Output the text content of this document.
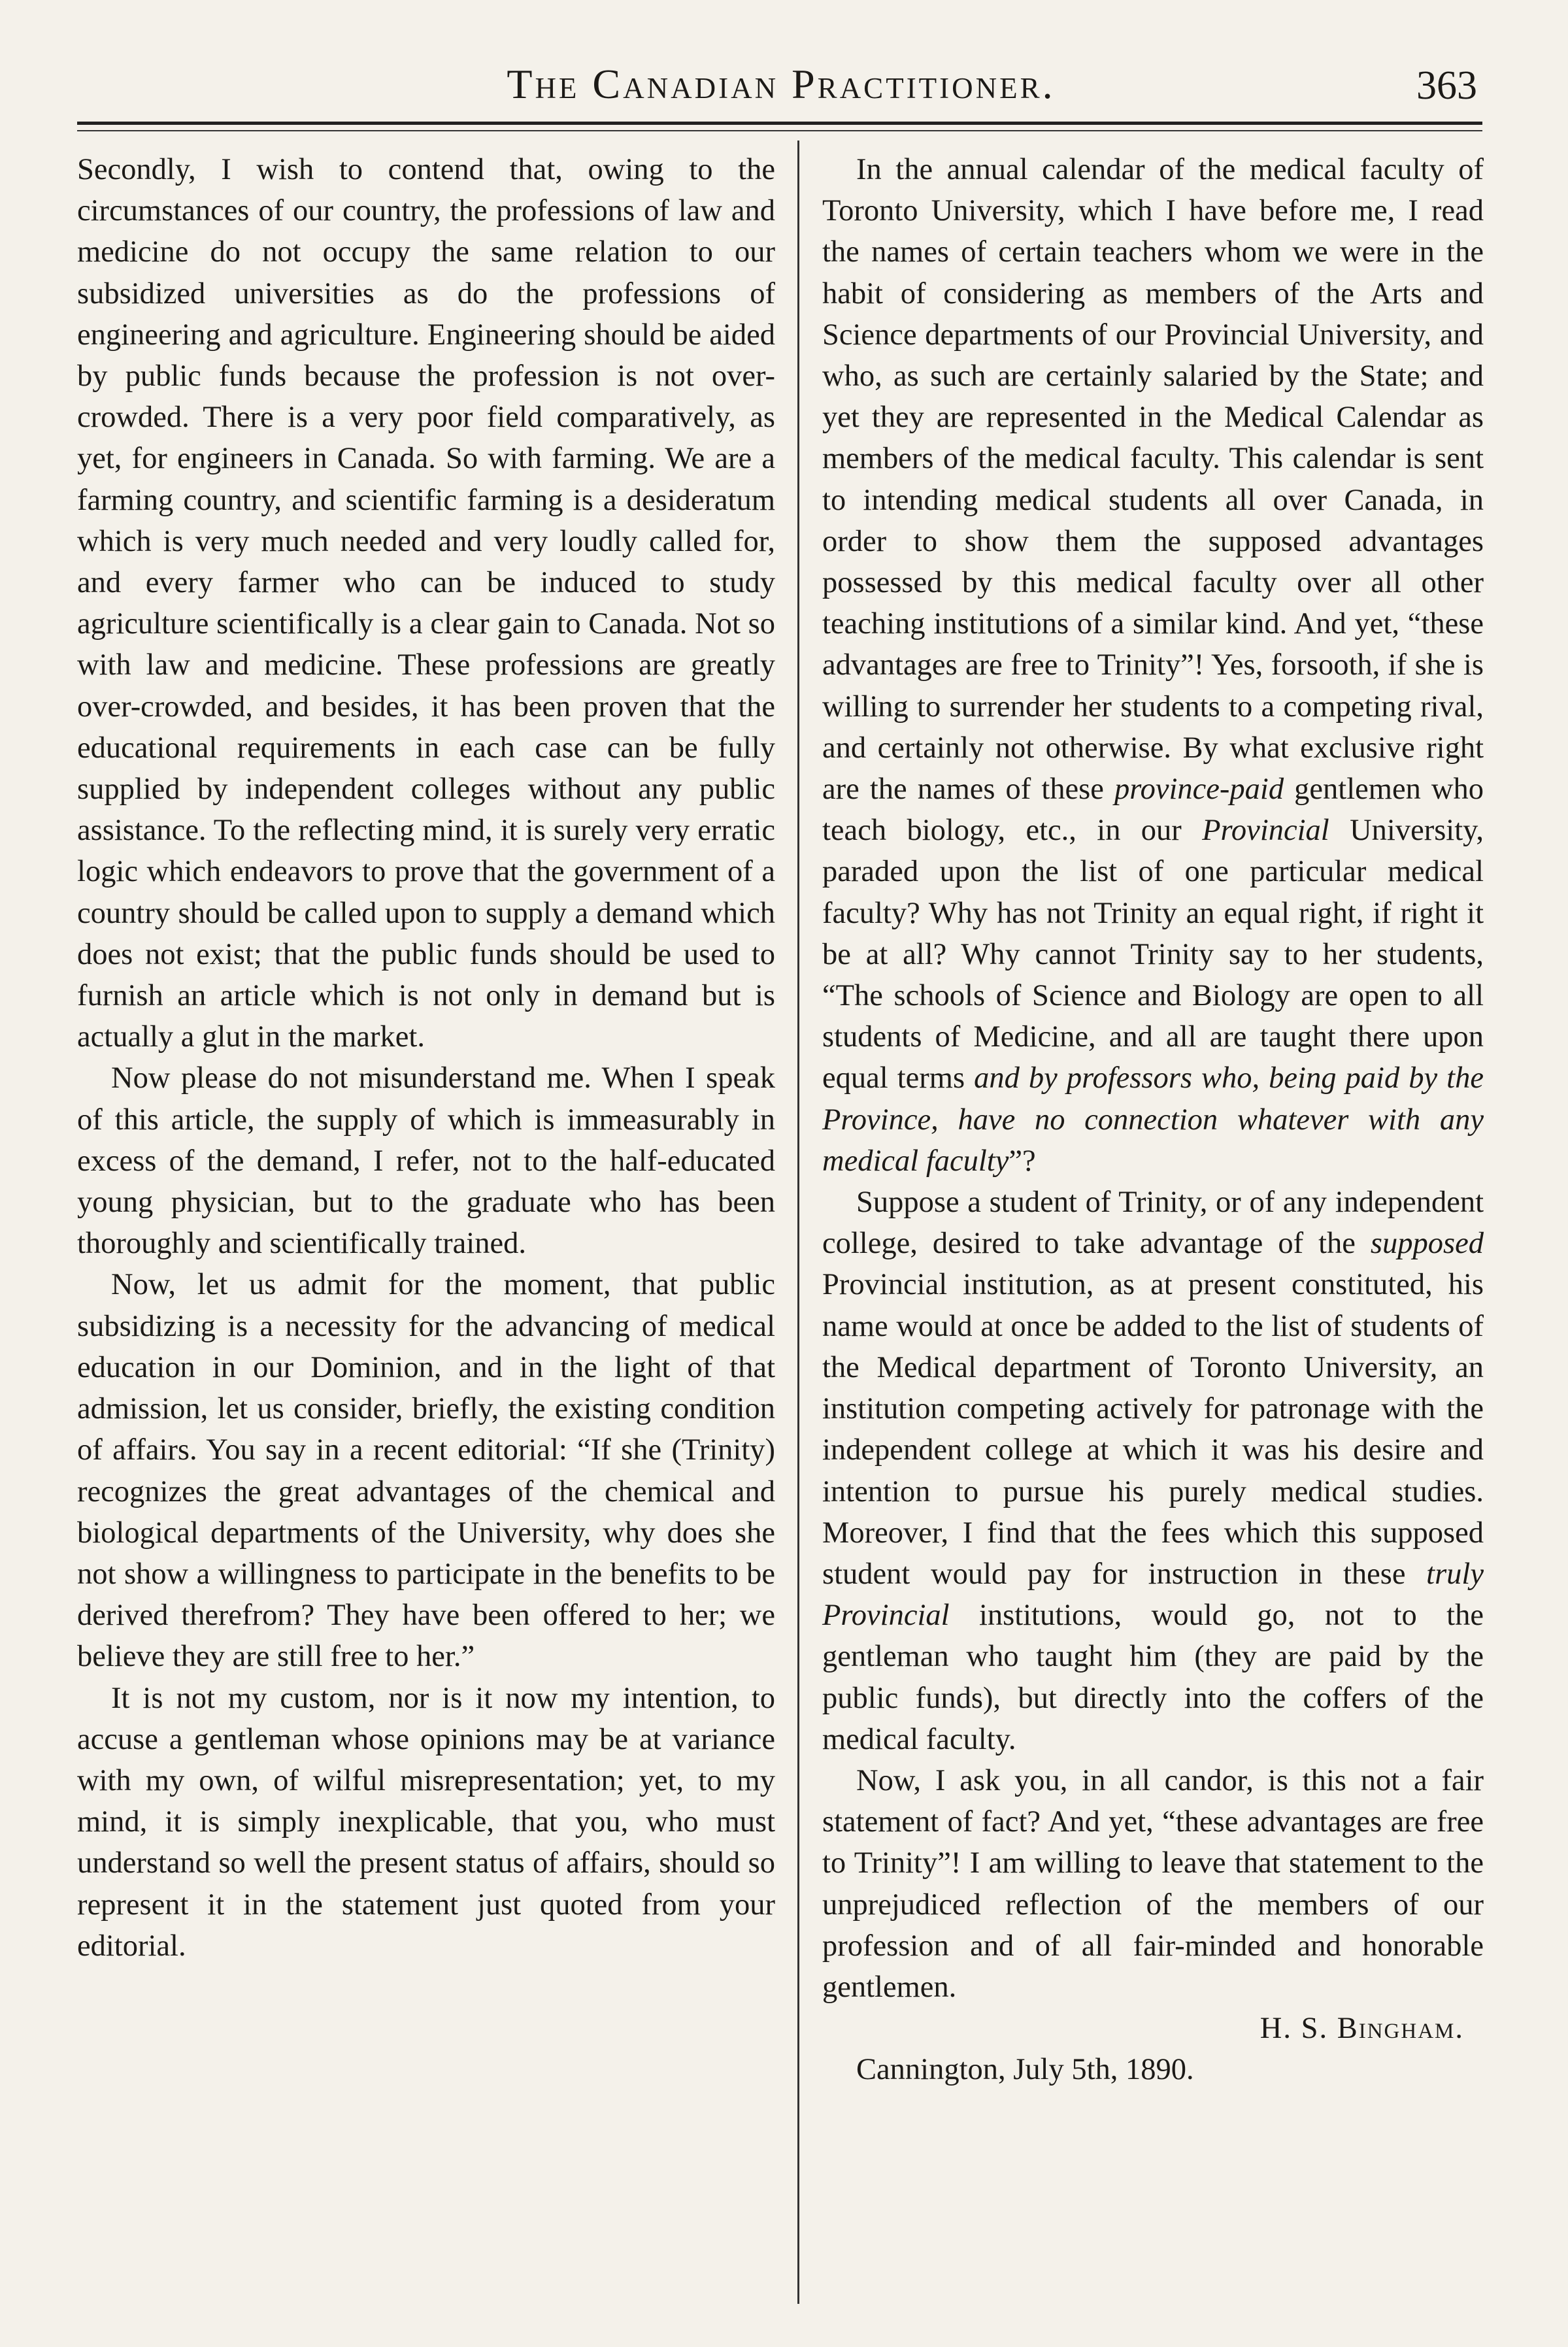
The Canadian Practitioner.	363

Secondly, I wish to contend that, owing to the circumstances of our country, the professions of law and medicine do not occupy the same relation to our subsidized universities as do the professions of engineering and agriculture. Engineering should be aided by public funds because the profession is not over-crowded. There is a very poor field comparatively, as yet, for engineers in Canada. So with farming. We are a farming country, and scientific farming is a desideratum which is very much needed and very loudly called for, and every farmer who can be induced to study agriculture scientifically is a clear gain to Canada. Not so with law and medicine. These professions are greatly over-crowded, and besides, it has been proven that the educational requirements in each case can be fully supplied by independent colleges without any public assistance. To the reflecting mind, it is surely very erratic logic which endeavors to prove that the government of a country should be called upon to supply a demand which does not exist; that the public funds should be used to furnish an article which is not only in demand but is actually a glut in the market.

Now please do not misunderstand me. When I speak of this article, the supply of which is immeasurably in excess of the demand, I refer, not to the half-educated young physician, but to the graduate who has been thoroughly and scientifically trained.

Now, let us admit for the moment, that public subsidizing is a necessity for the advancing of medical education in our Dominion, and in the light of that admission, let us consider, briefly, the existing condition of affairs. You say in a recent editorial: “If she (Trinity) recognizes the great advantages of the chemical and biological departments of the University, why does she not show a willingness to participate in the benefits to be derived therefrom? They have been offered to her; we believe they are still free to her.”

It is not my custom, nor is it now my intention, to accuse a gentleman whose opinions may be at variance with my own, of wilful misrepresentation; yet, to my mind, it is simply inexplicable, that you, who must understand so well the present status of affairs, should so represent it in the statement just quoted from your editorial.

In the annual calendar of the medical faculty of Toronto University, which I have before me, I read the names of certain teachers whom we were in the habit of considering as members of the Arts and Science departments of our Provincial University, and who, as such are certainly salaried by the State; and yet they are represented in the Medical Calendar as members of the medical faculty. This calendar is sent to intending medical students all over Canada, in order to show them the supposed advantages possessed by this medical faculty over all other teaching institutions of a similar kind. And yet, “these advantages are free to Trinity”! Yes, forsooth, if she is willing to surrender her students to a competing rival, and certainly not otherwise. By what exclusive right are the names of these province-paid gentlemen who teach biology, etc., in our Provincial University, paraded upon the list of one particular medical faculty? Why has not Trinity an equal right, if right it be at all? Why cannot Trinity say to her students, “The schools of Science and Biology are open to all students of Medicine, and all are taught there upon equal terms and by professors who, being paid by the Province, have no connection whatever with any medical faculty”?

Suppose a student of Trinity, or of any independent college, desired to take advantage of the supposed Provincial institution, as at present constituted, his name would at once be added to the list of students of the Medical department of Toronto University, an institution competing actively for patronage with the independent college at which it was his desire and intention to pursue his purely medical studies. Moreover, I find that the fees which this supposed student would pay for instruction in these truly Provincial institutions, would go, not to the gentleman who taught him (they are paid by the public funds), but directly into the coffers of the medical faculty.

Now, I ask you, in all candor, is this not a fair statement of fact? And yet, “these advantages are free to Trinity”! I am willing to leave that statement to the unprejudiced reflection of the members of our profession and of all fair-minded and honorable gentlemen.

H. S. Bingham.

Cannington, July 5th, 1890.
